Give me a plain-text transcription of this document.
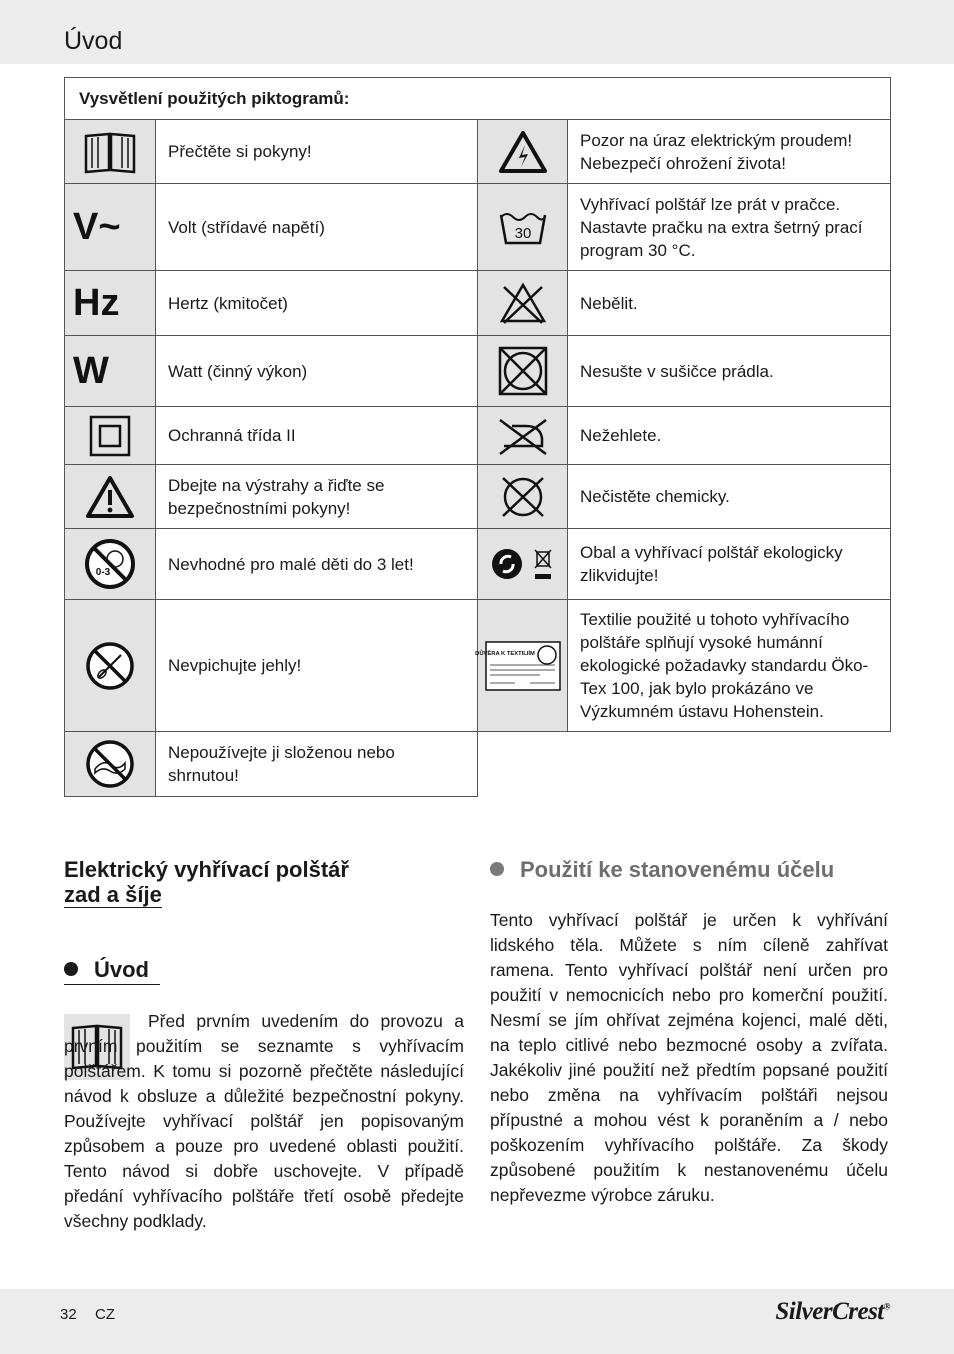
Úvod
Vysvětlení použitých piktogramů:			

	Přečtěte si pokyny!		Pozor na úraz elektrickým proudem! Nebezpečí ohrožení života!

V~	Volt (střídavé napětí)	30	Vyhřívací polštář lze prát v pračce. Nastavte pračku na extra šetrný prací program 30 °C.

Hz	Hertz (kmitočet)		Nebělit.

W	Watt (činný výkon)		Nesušte v sušičce prádla.

	Ochranná třída II		Nežehlete.

	Dbejte na výstrahy a řiďte se bezpečnostními pokyny!		Nečistěte chemicky.

0-3	Nevhodné pro malé děti do 3 let!		Obal a vyhřívací polštář ekologicky zlikvidujte!

	Nevpichujte jehly!	DŮVĚRA K TEXTILIÍM	Textilie použité u tohoto vyhřívacího polštáře splňují vysoké humánní ekologické požadavky standardu Öko-Tex 100, jak bylo prokázáno ve Výzkumném ústavu Hohenstein.

	Nepoužívejte ji složenou nebo shrnutou!		
Elektrický vyhřívací polštář
zad a šíje
Úvod
Před prvním uvedením do provozu a prvním použitím se seznamte s vyhřívacím polštářem. K tomu si pozorně přečtěte následující návod k obsluze a důležité bezpečnostní pokyny. Používejte vyhřívací polštář jen popisovaným způsobem a pouze pro uvedené oblasti použití. Tento návod si dobře uschovejte. V případě předání vyhřívacího polštáře třetí osobě předejte všechny podklady.
Použití ke stanovenému účelu
Tento vyhřívací polštář je určen k vyhřívání lidského těla. Můžete s ním cíleně zahřívat ramena. Tento vyhřívací polštář není určen pro použití v nemocnicích nebo pro komerční použití. Nesmí se jím ohřívat zejména kojenci, malé děti, na teplo citlivé nebo bezmocné osoby a zvířata. Jakékoliv jiné použití než předtím popsané použití nebo změna na vyhřívacím polštáři nejsou přípustné a mohou vést k poraněním a / nebo poškozením vyhřívacího polštáře. Za škody způsobené použitím k nestanovenému účelu nepřevezme výrobce záruku.
32 CZ	SilverCrest®
